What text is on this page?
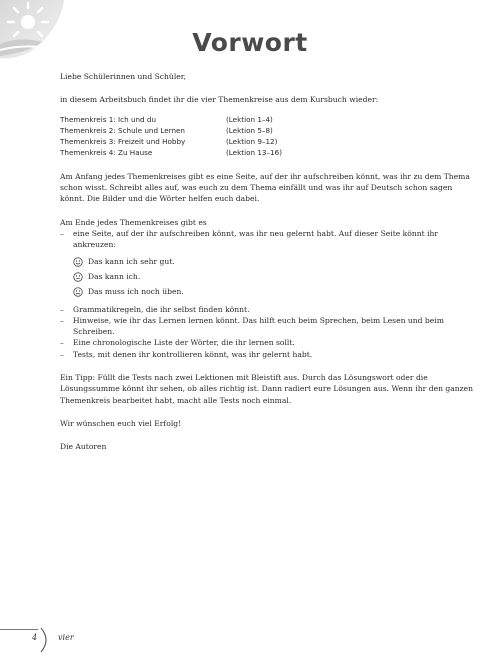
Vorwort

Liebe Schülerinnen und Schüler,

in diesem Arbeitsbuch findet ihr die vier Themenkreise aus dem Kursbuch wieder:

Themenkreis 1: Ich und du	(Lektion 1–4)
Themenkreis 2: Schule und Lernen	(Lektion 5–8)
Themenkreis 3: Freizeit und Hobby	(Lektion 9–12)
Themenkreis 4: Zu Hause	(Lektion 13–16)

Am Anfang jedes Themenkreises gibt es eine Seite, auf der ihr aufschreiben könnt, was ihr zu dem Thema schon wisst. Schreibt alles auf, was euch zu dem Thema einfällt und was ihr auf Deutsch schon sagen könnt. Die Bilder und die Wörter helfen euch dabei.

Am Ende jedes Themenkreises gibt es
– eine Seite, auf der ihr aufschreiben könnt, was ihr neu gelernt habt. Auf dieser Seite könnt ihr ankreuzen:
Das kann ich sehr gut.
Das kann ich.
Das muss ich noch üben.
– Grammatikregeln, die ihr selbst finden könnt.
– Hinweise, wie ihr das Lernen lernen könnt. Das hilft euch beim Sprechen, beim Lesen und beim Schreiben.
– Eine chronologische Liste der Wörter, die ihr lernen sollt.
– Tests, mit denen ihr kontrollieren könnt, was ihr gelernt habt.

Ein Tipp: Füllt die Tests nach zwei Lektionen mit Bleistift aus. Durch das Lösungswort oder die Lösungssumme könnt ihr sehen, ob alles richtig ist. Dann radiert eure Lösungen aus. Wenn ihr den ganzen Themenkreis bearbeitet habt, macht alle Tests noch einmal.

Wir wünschen euch viel Erfolg!

Die Autoren

4	vier
